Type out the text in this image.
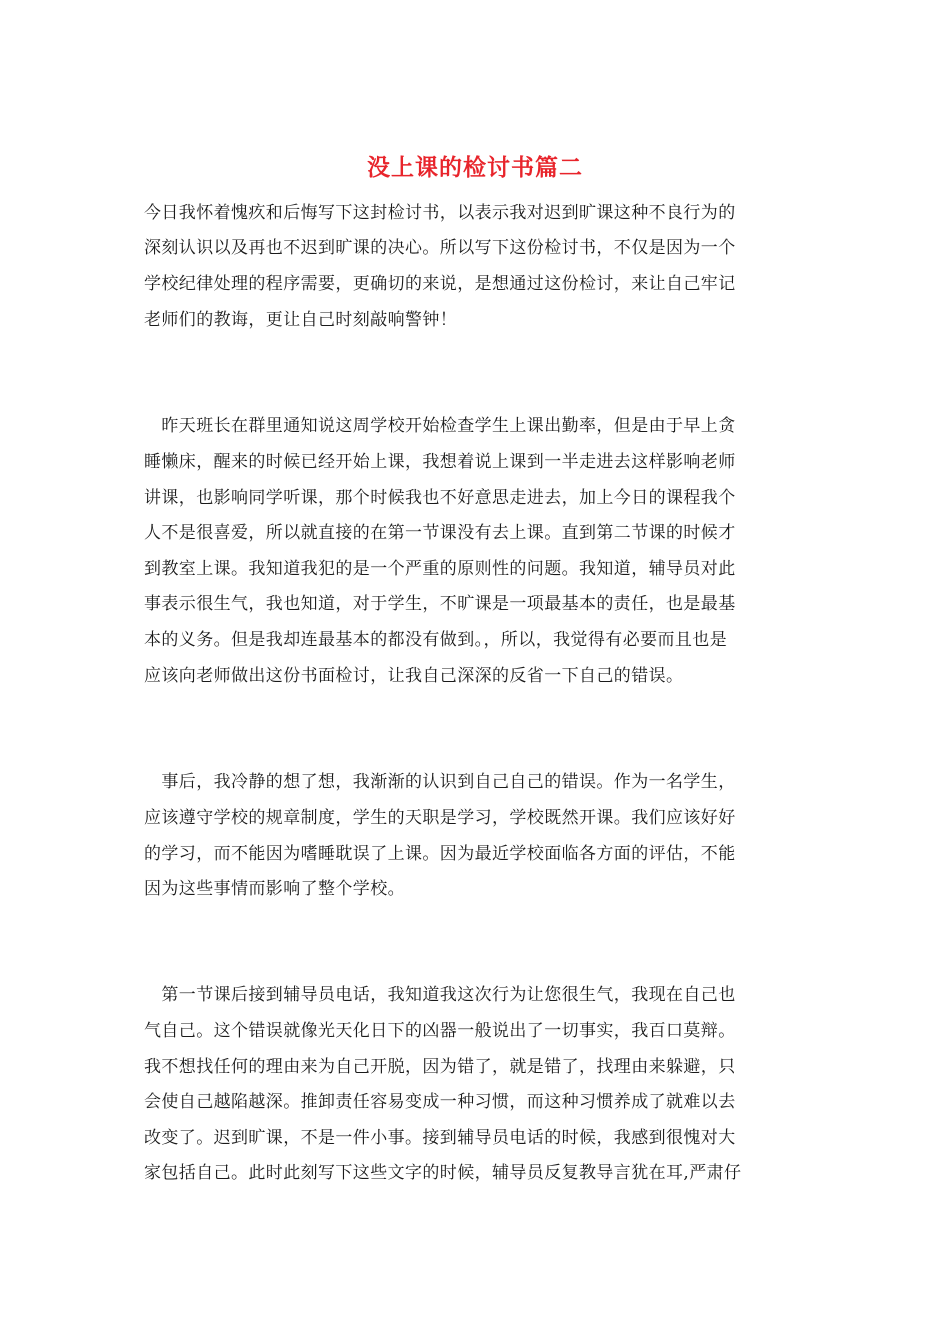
没上课的检讨书篇二
今日我怀着愧疚和后悔写下这封检讨书，以表示我对迟到旷课这种不良行为的
深刻认识以及再也不迟到旷课的决心。所以写下这份检讨书，不仅是因为一个
学校纪律处理的程序需要，更确切的来说，是想通过这份检讨，来让自己牢记
老师们的教诲，更让自己时刻敲响警钟！
　昨天班长在群里通知说这周学校开始检查学生上课出勤率，但是由于早上贪
睡懒床，醒来的时候已经开始上课，我想着说上课到一半走进去这样影响老师
讲课，也影响同学听课，那个时候我也不好意思走进去，加上今日的课程我个
人不是很喜爱，所以就直接的在第一节课没有去上课。直到第二节课的时候才
到教室上课。我知道我犯的是一个严重的原则性的问题。我知道，辅导员对此
事表示很生气，我也知道，对于学生，不旷课是一项最基本的责任，也是最基
本的义务。但是我却连最基本的都没有做到。，所以，我觉得有必要而且也是
应该向老师做出这份书面检讨，让我自己深深的反省一下自己的错误。
　事后，我冷静的想了想，我渐渐的认识到自己自己的错误。作为一名学生，
应该遵守学校的规章制度，学生的天职是学习，学校既然开课。我们应该好好
的学习，而不能因为嗜睡耽误了上课。因为最近学校面临各方面的评估，不能
因为这些事情而影响了整个学校。
　第一节课后接到辅导员电话，我知道我这次行为让您很生气，我现在自己也
气自己。这个错误就像光天化日下的凶器一般说出了一切事实，我百口莫辩。
我不想找任何的理由来为自己开脱，因为错了，就是错了，找理由来躲避，只
会使自己越陷越深。推卸责任容易变成一种习惯，而这种习惯养成了就难以去
改变了。迟到旷课，不是一件小事。接到辅导员电话的时候，我感到很愧对大
家包括自己。此时此刻写下这些文字的时候，辅导员反复教导言犹在耳,严肃仔
